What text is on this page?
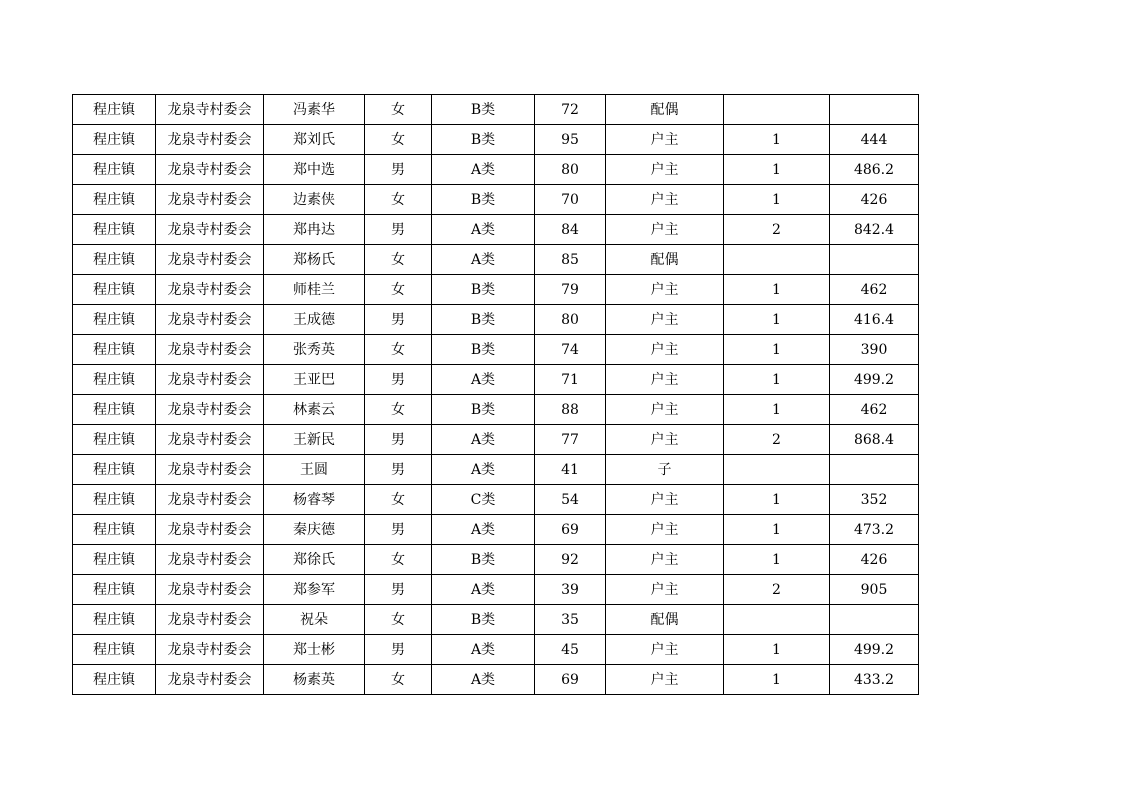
程庄镇	龙泉寺村委会	冯素华	女	B类	72	配偶		
程庄镇	龙泉寺村委会	郑刘氏	女	B类	95	户主	1	444
程庄镇	龙泉寺村委会	郑中选	男	A类	80	户主	1	486.2
程庄镇	龙泉寺村委会	边素侠	女	B类	70	户主	1	426
程庄镇	龙泉寺村委会	郑冉达	男	A类	84	户主	2	842.4
程庄镇	龙泉寺村委会	郑杨氏	女	A类	85	配偶		
程庄镇	龙泉寺村委会	师桂兰	女	B类	79	户主	1	462
程庄镇	龙泉寺村委会	王成德	男	B类	80	户主	1	416.4
程庄镇	龙泉寺村委会	张秀英	女	B类	74	户主	1	390
程庄镇	龙泉寺村委会	王亚巴	男	A类	71	户主	1	499.2
程庄镇	龙泉寺村委会	林素云	女	B类	88	户主	1	462
程庄镇	龙泉寺村委会	王新民	男	A类	77	户主	2	868.4
程庄镇	龙泉寺村委会	王圆	男	A类	41	子		
程庄镇	龙泉寺村委会	杨睿琴	女	C类	54	户主	1	352
程庄镇	龙泉寺村委会	秦庆德	男	A类	69	户主	1	473.2
程庄镇	龙泉寺村委会	郑徐氏	女	B类	92	户主	1	426
程庄镇	龙泉寺村委会	郑参军	男	A类	39	户主	2	905
程庄镇	龙泉寺村委会	祝朵	女	B类	35	配偶		
程庄镇	龙泉寺村委会	郑士彬	男	A类	45	户主	1	499.2
程庄镇	龙泉寺村委会	杨素英	女	A类	69	户主	1	433.2
